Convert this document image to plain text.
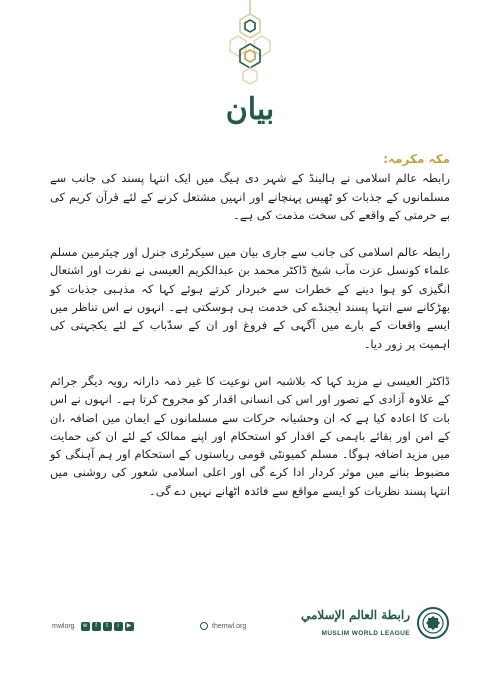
بیان

مکہ مکرمہ:
رابطہ عالم اسلامی نے ہالینڈ کے شہر دی ہیگ میں ایک انتہا پسند کی جانب سے مسلمانوں کے جذبات کو ٹھیس پہنچانے اور انہیں مشتعل کرنے کے لئے قرآن کریم کی بے حرمتی کے واقعے کی سخت مذمت کی ہے۔

رابطہ عالم اسلامی کی جانب سے جاری بیان میں سیکرٹری جنرل اور چیئرمین مسلم علماء کونسل عزت مآب شیخ ڈاکٹر محمد بن عبدالکریم العیسی نے نفرت اور اشتعال انگیزی کو ہوا دینے کے خطرات سے خبردار کرتے ہوئے کہا کہ مذہبی جذبات کو بھڑکانے سے انتہا پسند ایجنڈے کی خدمت ہی ہوسکتی ہے۔ انہوں نے اس تناظر میں ایسے واقعات کے بارے میں آگہی کے فروغ اور ان کے سدّباب کے لئے یکجہتی کی اہمیت پر زور دیا۔

ڈاکٹر العیسی نے مزید کہا کہ بلاشبہ اس نوعیت کا غیر ذمہ دارانہ رویہ دیگر جرائم کے علاوہ آزادی کے تصور اور اس کی انسانی اقدار کو مجروح کرتا ہے۔ انہوں نے اس بات کا اعادہ کیا ہے کہ ان وحشیانہ حرکات سے مسلمانوں کے ایمان میں اضافہ ،ان کے امن اور بقائے باہمی کے اقدار کو استحکام اور اپنے ممالک کے لئے ان کی حمایت میں مزید اضافہ ہوگا۔ مسلم کمیونٹی قومی ریاستوں کے استحکام اور ہم آہنگی کو مضبوط بنانے میں موثر کردار ادا کرے گی اور اعلی اسلامی شعور کی روشنی میں انتہا پسند نظریات کو ایسے مواقع سے فائدہ اٹھانے نہیں دے گی۔

mwlorg	w	f	t	i	▶	themwl.org
رابطة العالم الإسلامي
MUSLIM WORLD LEAGUE
